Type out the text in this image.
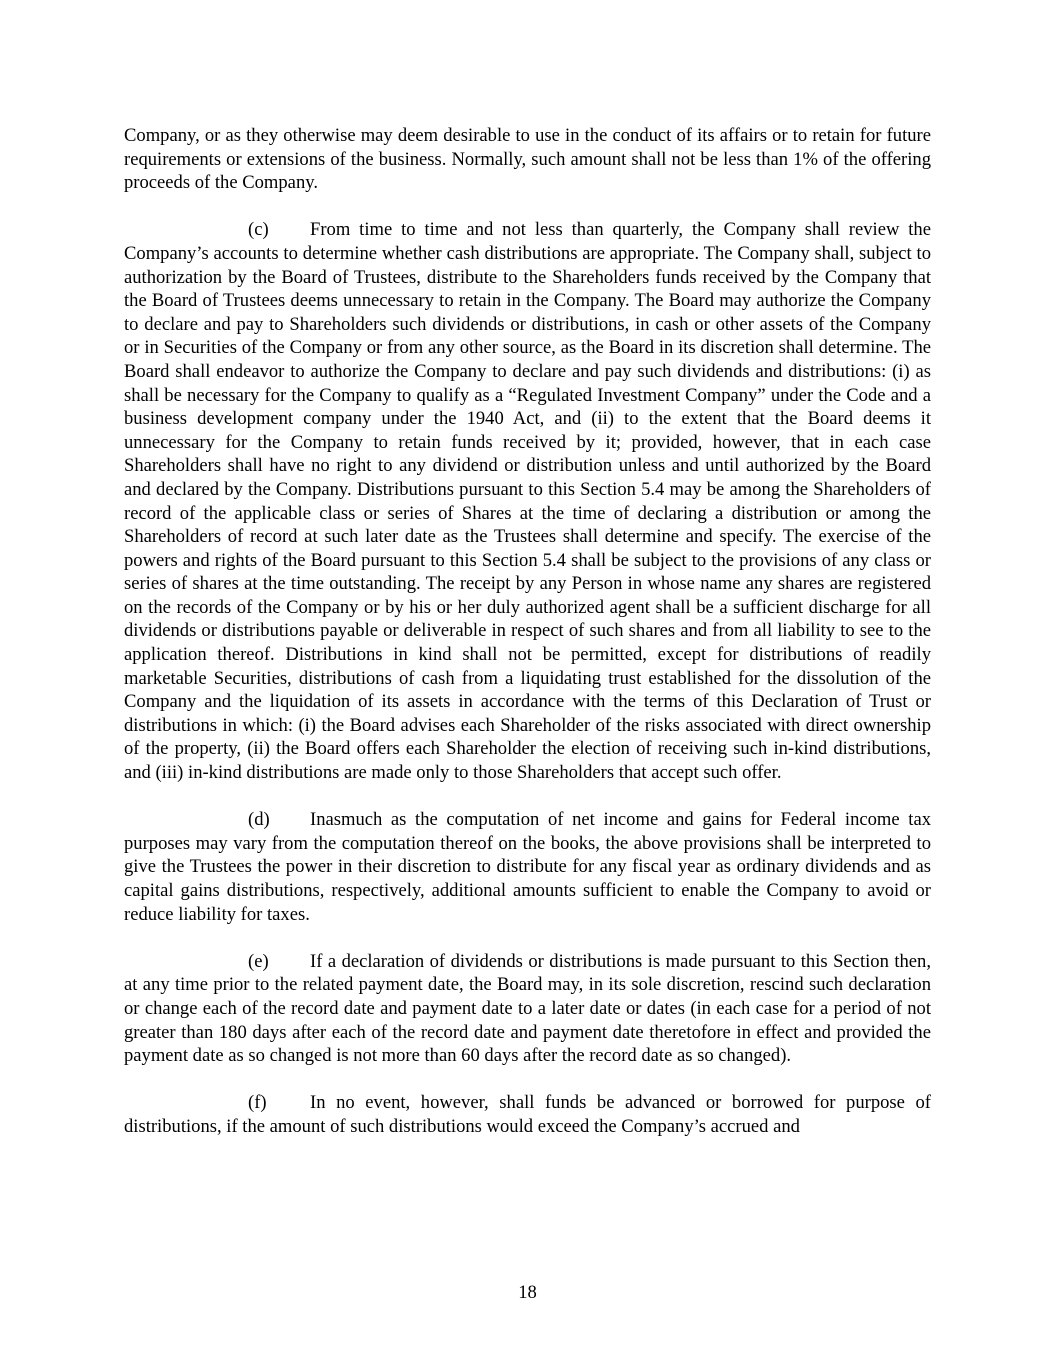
Company, or as they otherwise may deem desirable to use in the conduct of its affairs or to retain for future requirements or extensions of the business. Normally, such amount shall not be less than 1% of the offering proceeds of the Company.

(c) From time to time and not less than quarterly, the Company shall review the Company’s accounts to determine whether cash distributions are appropriate. The Company shall, subject to authorization by the Board of Trustees, distribute to the Shareholders funds received by the Company that the Board of Trustees deems unnecessary to retain in the Company. The Board may authorize the Company to declare and pay to Shareholders such dividends or distributions, in cash or other assets of the Company or in Securities of the Company or from any other source, as the Board in its discretion shall determine. The Board shall endeavor to authorize the Company to declare and pay such dividends and distributions: (i) as shall be necessary for the Company to qualify as a “Regulated Investment Company” under the Code and a business development company under the 1940 Act, and (ii) to the extent that the Board deems it unnecessary for the Company to retain funds received by it; provided, however, that in each case Shareholders shall have no right to any dividend or distribution unless and until authorized by the Board and declared by the Company. Distributions pursuant to this Section 5.4 may be among the Shareholders of record of the applicable class or series of Shares at the time of declaring a distribution or among the Shareholders of record at such later date as the Trustees shall determine and specify. The exercise of the powers and rights of the Board pursuant to this Section 5.4 shall be subject to the provisions of any class or series of shares at the time outstanding. The receipt by any Person in whose name any shares are registered on the records of the Company or by his or her duly authorized agent shall be a sufficient discharge for all dividends or distributions payable or deliverable in respect of such shares and from all liability to see to the application thereof. Distributions in kind shall not be permitted, except for distributions of readily marketable Securities, distributions of cash from a liquidating trust established for the dissolution of the Company and the liquidation of its assets in accordance with the terms of this Declaration of Trust or distributions in which: (i) the Board advises each Shareholder of the risks associated with direct ownership of the property, (ii) the Board offers each Shareholder the election of receiving such in-kind distributions, and (iii) in-kind distributions are made only to those Shareholders that accept such offer.

(d) Inasmuch as the computation of net income and gains for Federal income tax purposes may vary from the computation thereof on the books, the above provisions shall be interpreted to give the Trustees the power in their discretion to distribute for any fiscal year as ordinary dividends and as capital gains distributions, respectively, additional amounts sufficient to enable the Company to avoid or reduce liability for taxes.

(e) If a declaration of dividends or distributions is made pursuant to this Section then, at any time prior to the related payment date, the Board may, in its sole discretion, rescind such declaration or change each of the record date and payment date to a later date or dates (in each case for a period of not greater than 180 days after each of the record date and payment date theretofore in effect and provided the payment date as so changed is not more than 60 days after the record date as so changed).

(f) In no event, however, shall funds be advanced or borrowed for purpose of distributions, if the amount of such distributions would exceed the Company’s accrued and

18
